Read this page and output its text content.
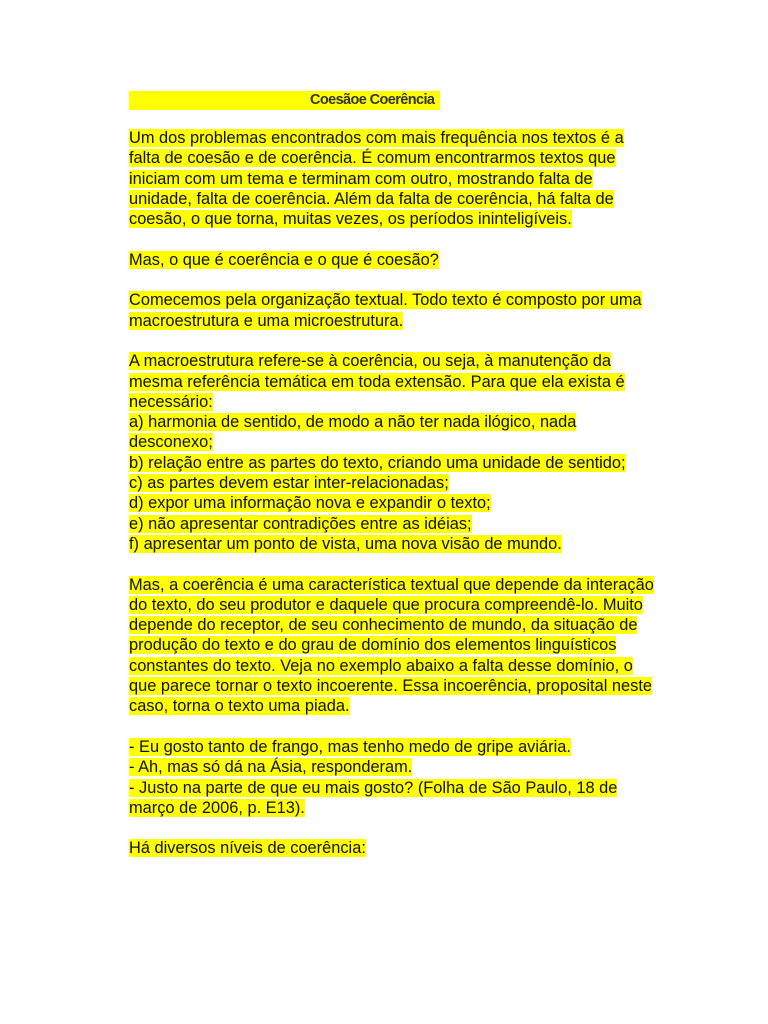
Coesãoe Coerência

Um dos problemas encontrados com mais frequência nos textos é a
falta de coesão e de coerência. É comum encontrarmos textos que
iniciam com um tema e terminam com outro, mostrando falta de
unidade, falta de coerência. Além da falta de coerência, há falta de
coesão, o que torna, muitas vezes, os períodos ininteligíveis.

Mas, o que é coerência e o que é coesão?

Comecemos pela organização textual. Todo texto é composto por uma
macroestrutura e uma microestrutura.

A macroestrutura refere-se à coerência, ou seja, à manutenção da
mesma referência temática em toda extensão. Para que ela exista é
necessário:
a) harmonia de sentido, de modo a não ter nada ilógico, nada
desconexo;
b) relação entre as partes do texto, criando uma unidade de sentido;
c) as partes devem estar inter-relacionadas;
d) expor uma informação nova e expandir o texto;
e) não apresentar contradições entre as idéias;
f) apresentar um ponto de vista, uma nova visão de mundo.

Mas, a coerência é uma característica textual que depende da interação
do texto, do seu produtor e daquele que procura compreendê-lo. Muito
depende do receptor, de seu conhecimento de mundo, da situação de
produção do texto e do grau de domínio dos elementos linguísticos
constantes do texto. Veja no exemplo abaixo a falta desse domínio, o
que parece tornar o texto incoerente. Essa incoerência, proposital neste
caso, torna o texto uma piada.

- Eu gosto tanto de frango, mas tenho medo de gripe aviária.
- Ah, mas só dá na Ásia, responderam.
- Justo na parte de que eu mais gosto? (Folha de São Paulo, 18 de
março de 2006, p. E13).

Há diversos níveis de coerência:
